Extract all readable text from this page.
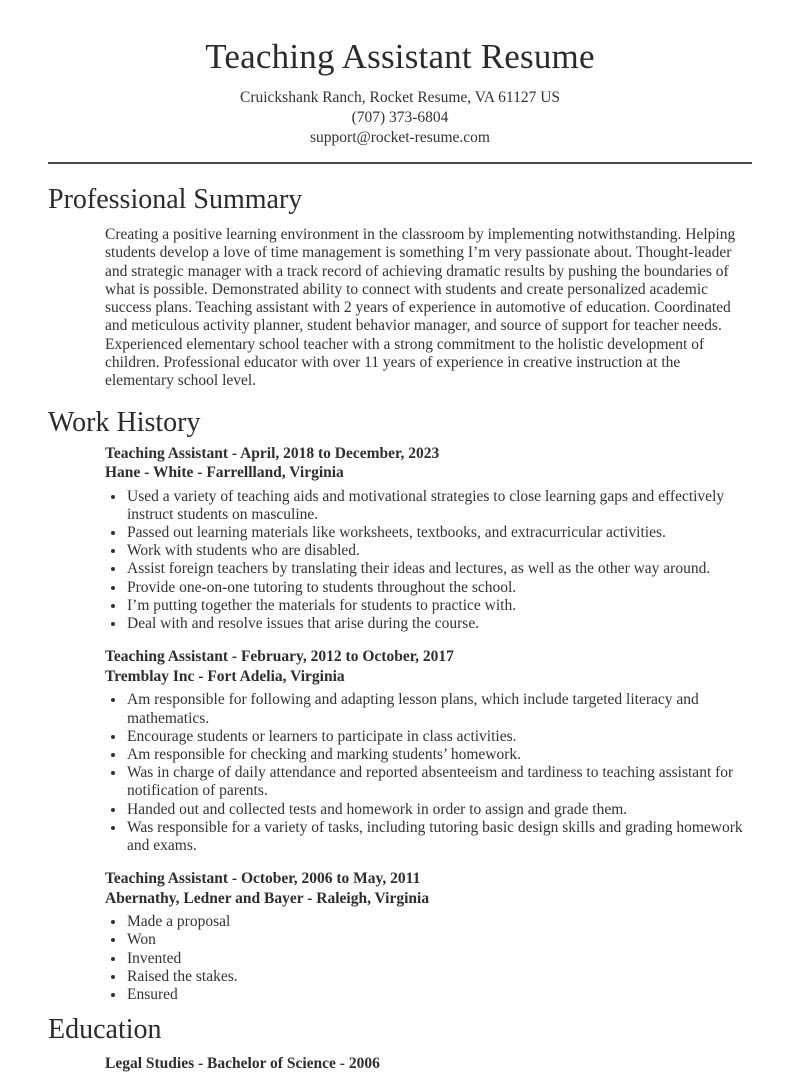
Teaching Assistant Resume
Cruickshank Ranch, Rocket Resume, VA 61127 US
(707) 373-6804
support@rocket-resume.com
Professional Summary

Creating a positive learning environment in the classroom by implementing notwithstanding. Helping students develop a love of time management is something I’m very passionate about. Thought-leader and strategic manager with a track record of achieving dramatic results by pushing the boundaries of what is possible. Demonstrated ability to connect with students and create personalized academic success plans. Teaching assistant with 2 years of experience in automotive of education. Coordinated and meticulous activity planner, student behavior manager, and source of support for teacher needs. Experienced elementary school teacher with a strong commitment to the holistic development of children. Professional educator with over 11 years of experience in creative instruction at the elementary school level.

Work History
Teaching Assistant - April, 2018 to December, 2023
Hane - White - Farrellland, Virginia
• Used a variety of teaching aids and motivational strategies to close learning gaps and effectively instruct students on masculine.
• Passed out learning materials like worksheets, textbooks, and extracurricular activities.
• Work with students who are disabled.
• Assist foreign teachers by translating their ideas and lectures, as well as the other way around.
• Provide one-on-one tutoring to students throughout the school.
• I’m putting together the materials for students to practice with.
• Deal with and resolve issues that arise during the course.
Teaching Assistant - February, 2012 to October, 2017
Tremblay Inc - Fort Adelia, Virginia
• Am responsible for following and adapting lesson plans, which include targeted literacy and mathematics.
• Encourage students or learners to participate in class activities.
• Am responsible for checking and marking students’ homework.
• Was in charge of daily attendance and reported absenteeism and tardiness to teaching assistant for notification of parents.
• Handed out and collected tests and homework in order to assign and grade them.
• Was responsible for a variety of tasks, including tutoring basic design skills and grading homework and exams.
Teaching Assistant - October, 2006 to May, 2011
Abernathy, Ledner and Bayer - Raleigh, Virginia
• Made a proposal
• Won
• Invented
• Raised the stakes.
• Ensured
Education
Legal Studies - Bachelor of Science - 2006
